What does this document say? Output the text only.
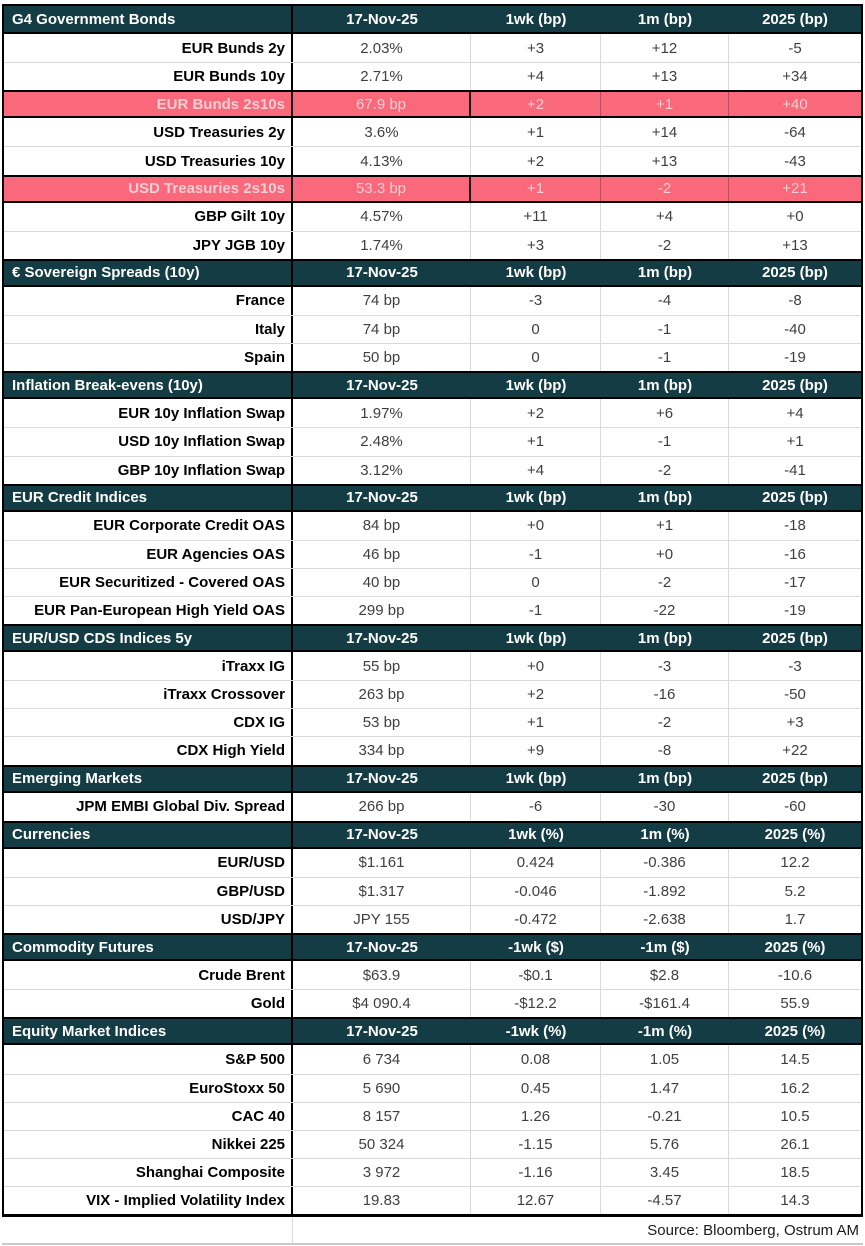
G4 Government Bonds	17-Nov-25	1wk (bp)	1m (bp)	2025 (bp)
EUR Bunds 2y	2.03%	+3	+12	-5
EUR Bunds 10y	2.71%	+4	+13	+34
EUR Bunds 2s10s	67.9 bp	+2	+1	+40
USD Treasuries 2y	3.6%	+1	+14	-64
USD Treasuries 10y	4.13%	+2	+13	-43
USD Treasuries 2s10s	53.3 bp	+1	-2	+21
GBP Gilt 10y	4.57%	+11	+4	+0
JPY JGB 10y	1.74%	+3	-2	+13
€ Sovereign Spreads (10y)	17-Nov-25	1wk (bp)	1m (bp)	2025 (bp)
France	74 bp	-3	-4	-8
Italy	74 bp	0	-1	-40
Spain	50 bp	0	-1	-19
Inflation Break-evens (10y)	17-Nov-25	1wk (bp)	1m (bp)	2025 (bp)
EUR 10y Inflation Swap	1.97%	+2	+6	+4
USD 10y Inflation Swap	2.48%	+1	-1	+1
GBP 10y Inflation Swap	3.12%	+4	-2	-41
EUR Credit Indices	17-Nov-25	1wk (bp)	1m (bp)	2025 (bp)
EUR Corporate Credit OAS	84 bp	+0	+1	-18
EUR Agencies OAS	46 bp	-1	+0	-16
EUR Securitized - Covered OAS	40 bp	0	-2	-17
EUR Pan-European High Yield OAS	299 bp	-1	-22	-19
EUR/USD CDS Indices 5y	17-Nov-25	1wk (bp)	1m (bp)	2025 (bp)
iTraxx IG	55 bp	+0	-3	-3
iTraxx Crossover	263 bp	+2	-16	-50
CDX IG	53 bp	+1	-2	+3
CDX High Yield	334 bp	+9	-8	+22
Emerging Markets	17-Nov-25	1wk (bp)	1m (bp)	2025 (bp)
JPM EMBI Global Div. Spread	266 bp	-6	-30	-60
Currencies	17-Nov-25	1wk (%)	1m (%)	2025 (%)
EUR/USD	$1.161	0.424	-0.386	12.2
GBP/USD	$1.317	-0.046	-1.892	5.2
USD/JPY	JPY 155	-0.472	-2.638	1.7
Commodity Futures	17-Nov-25	-1wk ($)	-1m ($)	2025 (%)
Crude Brent	$63.9	-$0.1	$2.8	-10.6
Gold	$4 090.4	-$12.2	-$161.4	55.9
Equity Market Indices	17-Nov-25	-1wk (%)	-1m (%)	2025 (%)
S&P 500	6 734	0.08	1.05	14.5
EuroStoxx 50	5 690	0.45	1.47	16.2
CAC 40	8 157	1.26	-0.21	10.5
Nikkei 225	50 324	-1.15	5.76	26.1
Shanghai Composite	3 972	-1.16	3.45	18.5
VIX - Implied Volatility Index	19.83	12.67	-4.57	14.3
Source: Bloomberg, Ostrum AM
